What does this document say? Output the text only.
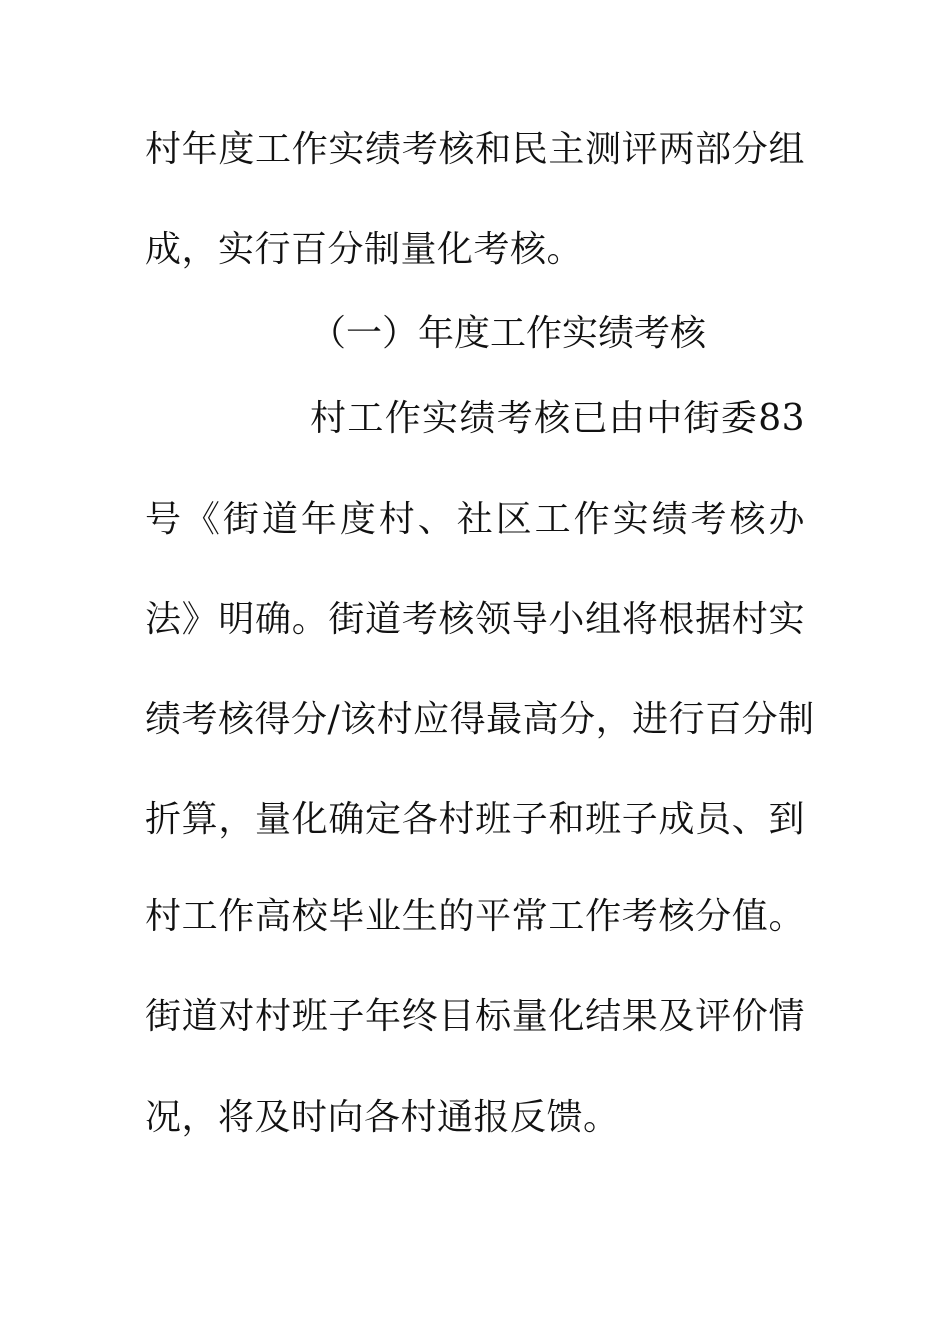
村年度工作实绩考核和民主测评两部分组
成，实行百分制量化考核。
（一）年度工作实绩考核
村工作实绩考核已由中街委83
号《街道年度村、社区工作实绩考核办
法》明确。街道考核领导小组将根据村实
绩考核得分/该村应得最高分，进行百分制
折算，量化确定各村班子和班子成员、到
村工作高校毕业生的平常工作考核分值。
街道对村班子年终目标量化结果及评价情
况，将及时向各村通报反馈。
